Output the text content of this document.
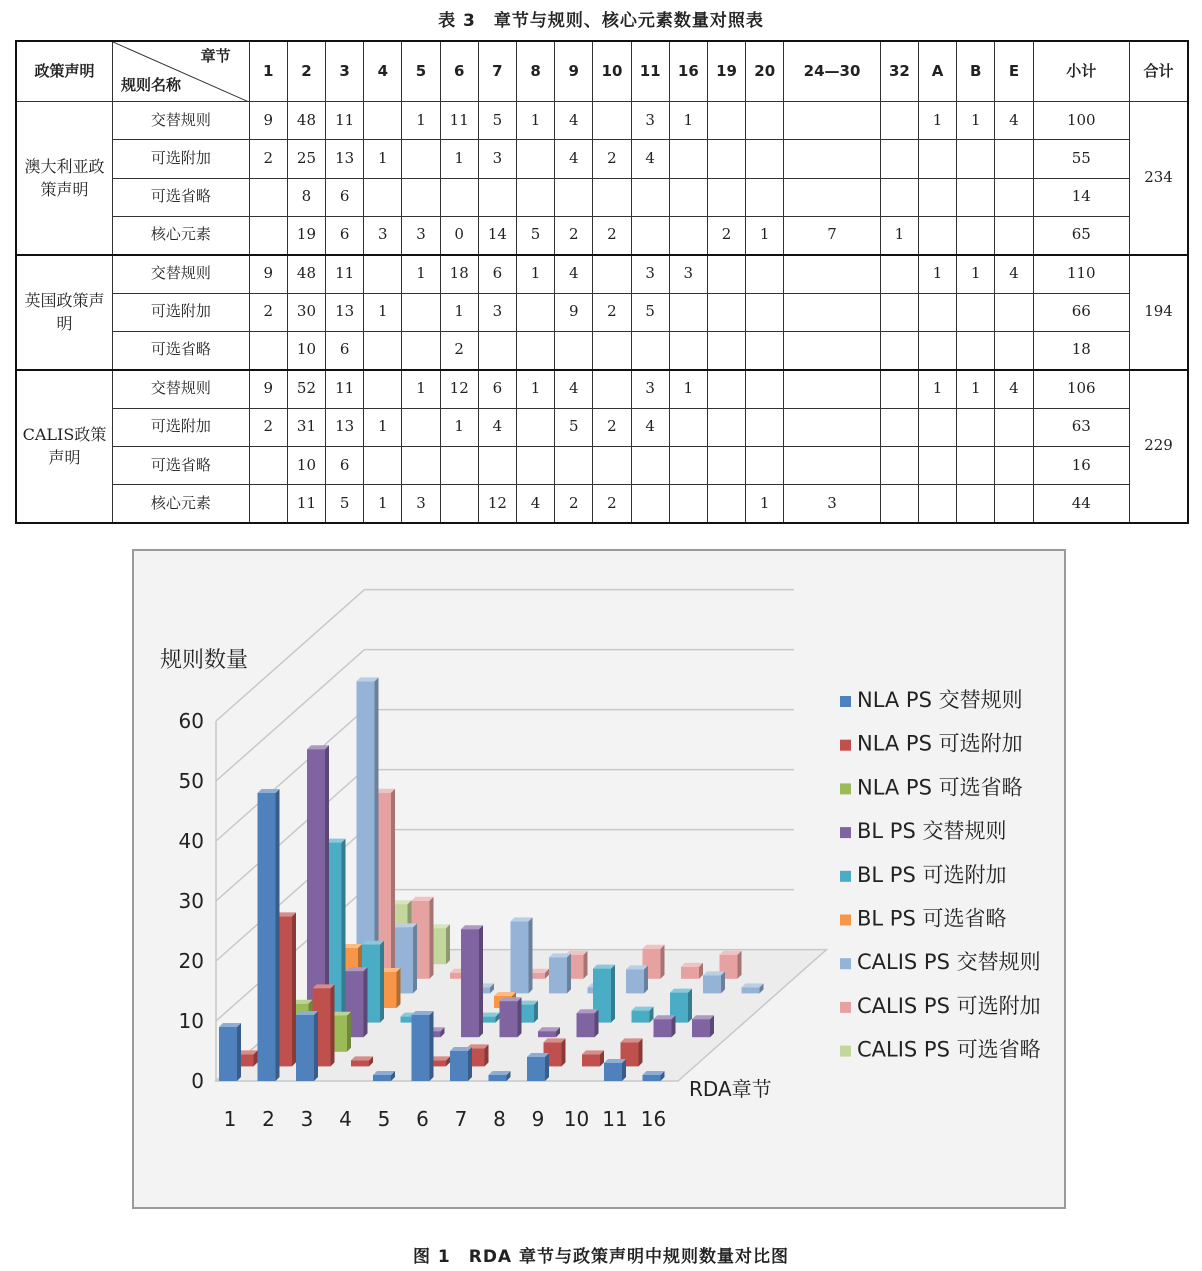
表 3　章节与规则、核心元素数量对照表
政策声明	章节
规则名称	1	2	3	4	5	6	7	8	9	10	11	16	19	20	24—30	32	A	B	E	小计	合计
澳大利亚政策声明	交替规则	9	48	11		1	11	5	1	4		3	1					1	1	4	100	234
	可选附加	2	25	13	1		1	3		4	2	4									55	
	可选省略		8	6																	14	
	核心元素		19	6	3	3	0	14	5	2	2			2	1	7	1				65	
英国政策声明	交替规则	9	48	11		1	18	6	1	4		3	3					1	1	4	110	194
	可选附加	2	30	13	1		1	3		9	2	5									66	
	可选省略		10	6			2														18	
CALIS政策声明	交替规则	9	52	11		1	12	6	1	4		3	1					1	1	4	106	229
	可选附加	2	31	13	1		1	4		5	2	4									63	
	可选省略		10	6																	16	
	核心元素		11	5	1	3		12	4	2	2				1	3					44	
0
10
20
30
40
50
60
1 2 3 4 5 6 7 8 9 10 11 16
规则数量
RDA章节
NLA PS 交替规则
NLA PS 可选附加
NLA PS 可选省略
BL PS 交替规则
BL PS 可选附加
BL PS 可选省略
CALIS PS 交替规则
CALIS PS 可选附加
CALIS PS 可选省略
图 1　RDA 章节与政策声明中规则数量对比图
